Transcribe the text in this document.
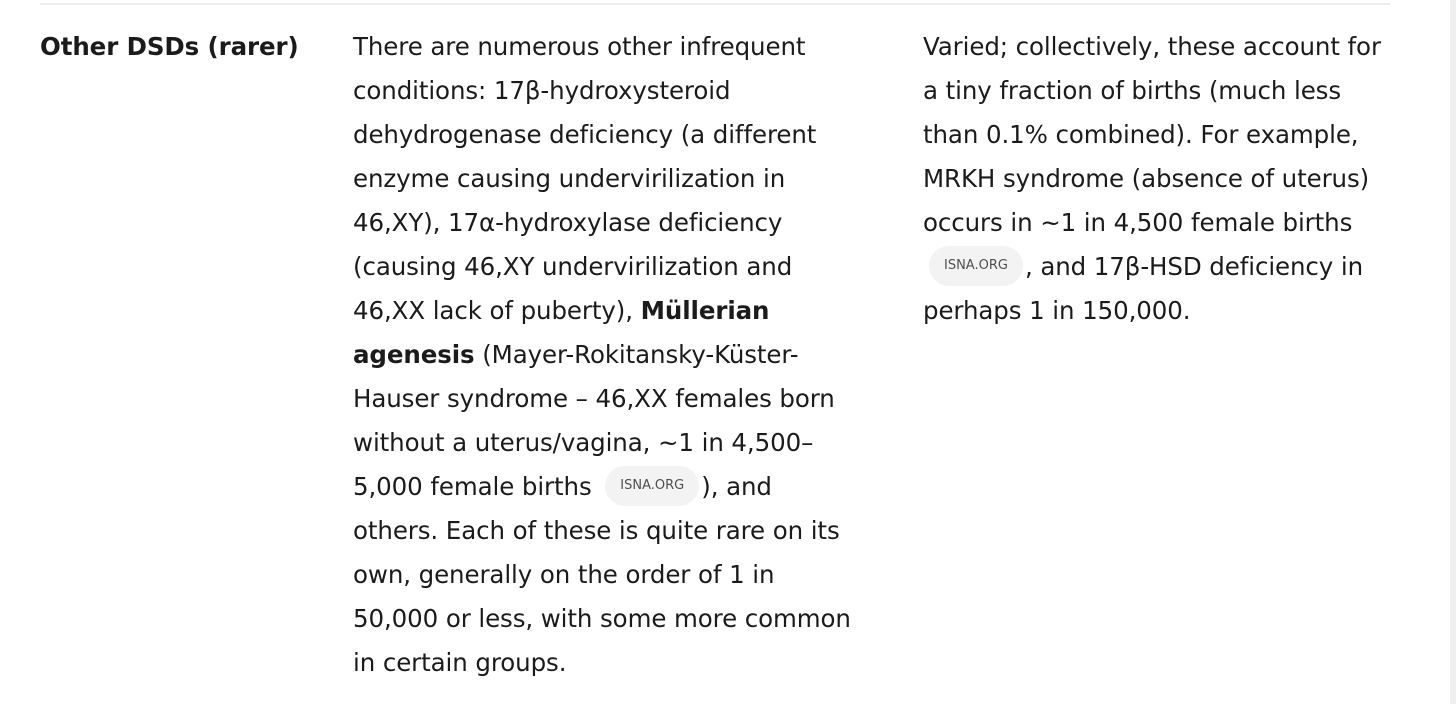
Other DSDs (rarer)	There are numerous other infrequent conditions: 17β-hydroxysteroid dehydrogenase deficiency (a different enzyme causing undervirilization in 46,XY), 17α-hydroxylase deficiency (causing 46,XY undervirilization and 46,XX lack of puberty), Müllerian agenesis (Mayer-Rokitansky-Küster-Hauser syndrome – 46,XX females born without a uterus/vagina, ~1 in 4,500–5,000 female births ISNA.ORG ), and others. Each of these is quite rare on its own, generally on the order of 1 in 50,000 or less, with some more common in certain groups.
Varied; collectively, these account for a tiny fraction of births (much less than 0.1% combined). For example, MRKH syndrome (absence of uterus) occurs in ~1 in 4,500 female births ISNA.ORG , and 17β-HSD deficiency in perhaps 1 in 150,000.
